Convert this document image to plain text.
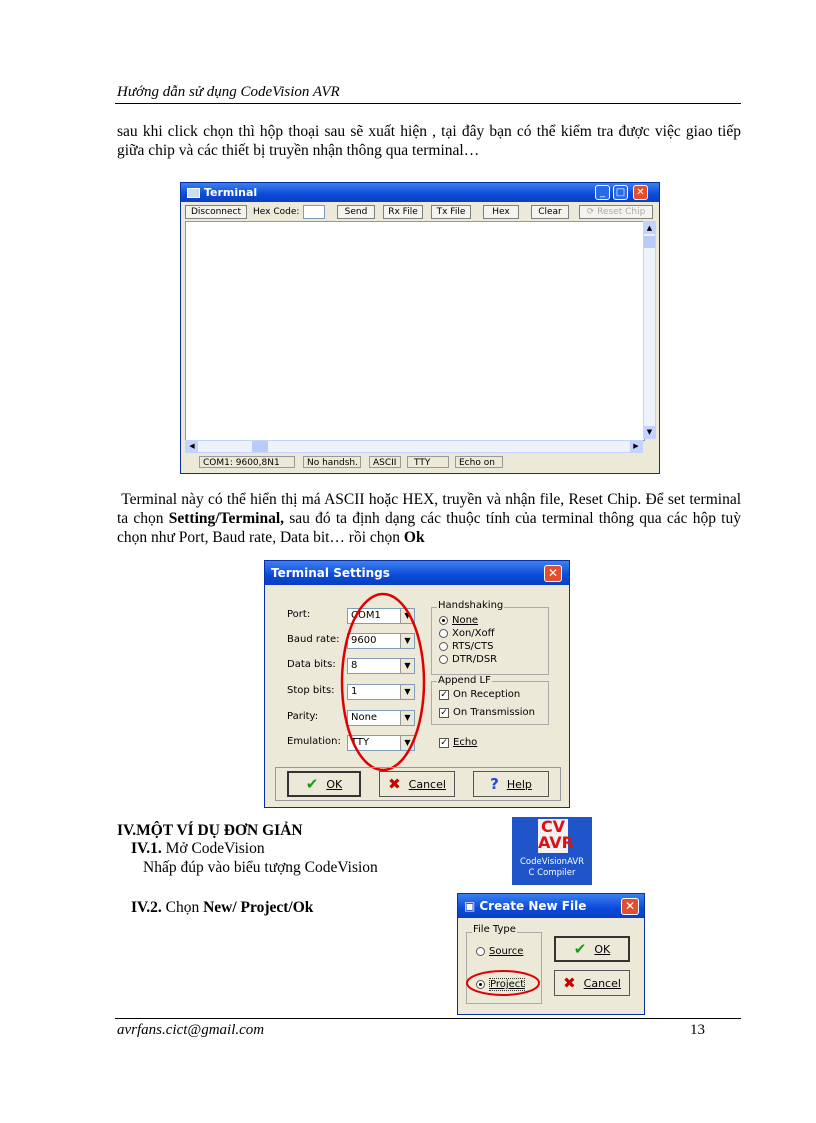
Hướng dẫn sử dụng CodeVision AVR
sau khi click chọn thì hộp thoại sau sẽ xuất hiện , tại đây bạn có thể kiểm tra được việc giao tiếp giữa chip và các thiết bị truyền nhận thông qua terminal…
Terminal	_	□	✕
Disconnect	Hex Code:	Send	Rx File	Tx File	Hex	Clear	⟳ Reset Chip
▲
▼
◀	▶
COM1: 9600,8N1	No handsh.	ASCII	TTY	Echo on
Terminal này có thể hiển thị má ASCII hoặc HEX, truyền và nhận file, Reset Chip. Để set terminal ta chọn Setting/Terminal, sau đó ta định dạng các thuộc tính của terminal thông qua các hộp tuỳ chọn như Port, Baud rate, Data bit… rồi chọn Ok
Terminal Settings	✕
Port:	COM1	▼
Baud rate:	9600	▼
Data bits:	8	▼
Stop bits:	1	▼
Parity:	None	▼
Emulation:	TTY	▼
Handshaking
None
Xon/Xoff
RTS/CTS
DTR/DSR
Append LF
✓ On Reception
✓ On Transmission
✓ Echo
✔ OK	✖ Cancel	? Help
IV.MỘT VÍ DỤ ĐƠN GIẢN
IV.1. Mở CodeVision
Nhấp đúp vào biểu tượng CodeVision
IV.2. Chọn New/ Project/Ok
CV AVR
CodeVisionAVR
C Compiler
▣ Create New File	✕
File Type
Source
Project
✔ OK
✖ Cancel
avrfans.cict@gmail.com	13
